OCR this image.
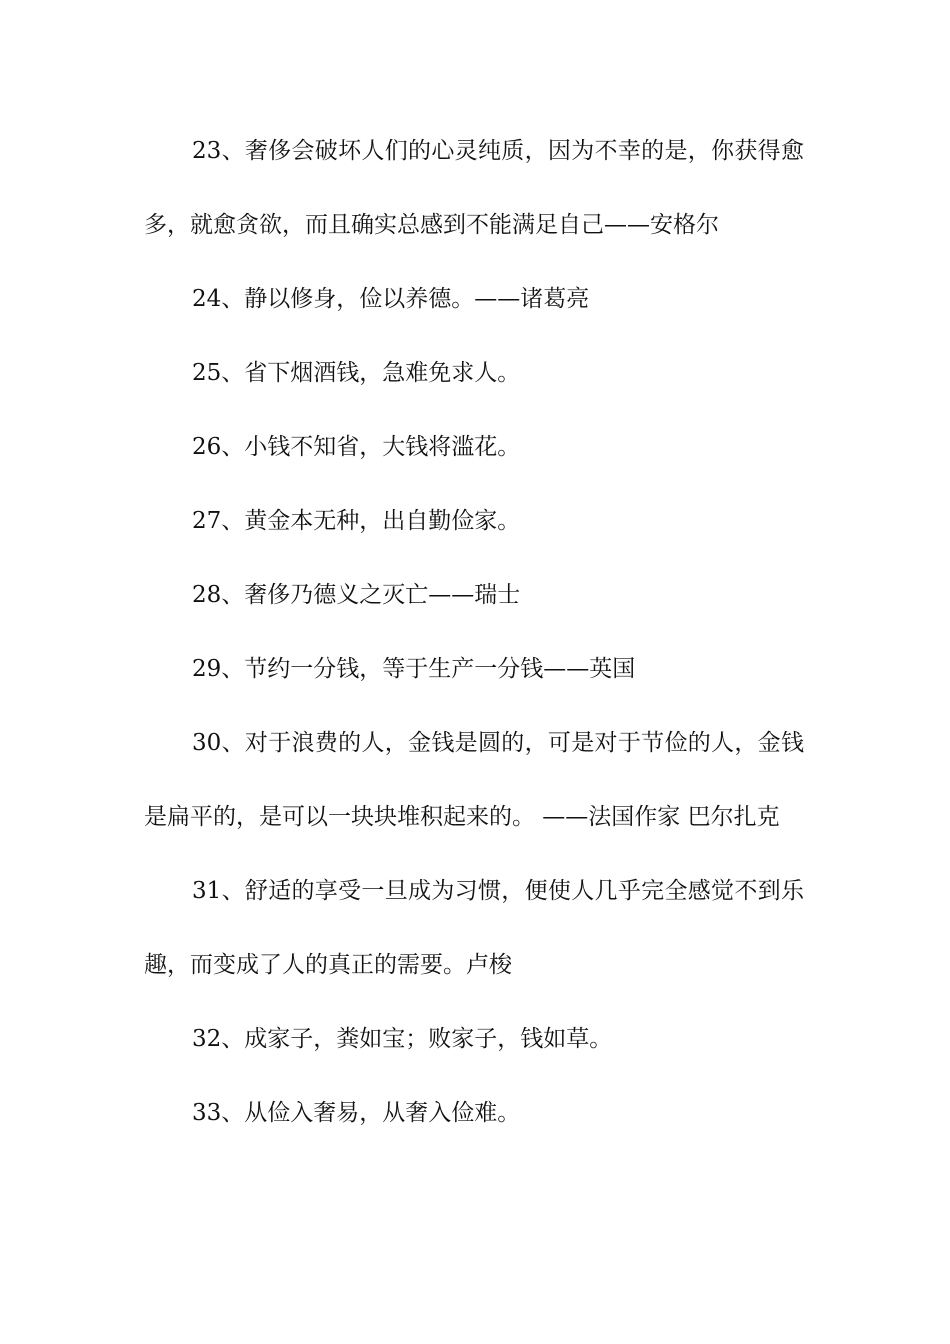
23、奢侈会破坏人们的心灵纯质，因为不幸的是，你获得愈多，就愈贪欲，而且确实总感到不能满足自己——安格尔

24、静以修身，俭以养德。——诸葛亮

25、省下烟酒钱，急难免求人。

26、小钱不知省，大钱将滥花。

27、黄金本无种，出自勤俭家。

28、奢侈乃德义之灭亡——瑞士

29、节约一分钱，等于生产一分钱——英国

30、对于浪费的人，金钱是圆的，可是对于节俭的人，金钱是扁平的，是可以一块块堆积起来的。 ——法国作家 巴尔扎克

31、舒适的享受一旦成为习惯，便使人几乎完全感觉不到乐趣，而变成了人的真正的需要。卢梭

32、成家子，粪如宝；败家子，钱如草。

33、从俭入奢易，从奢入俭难。
